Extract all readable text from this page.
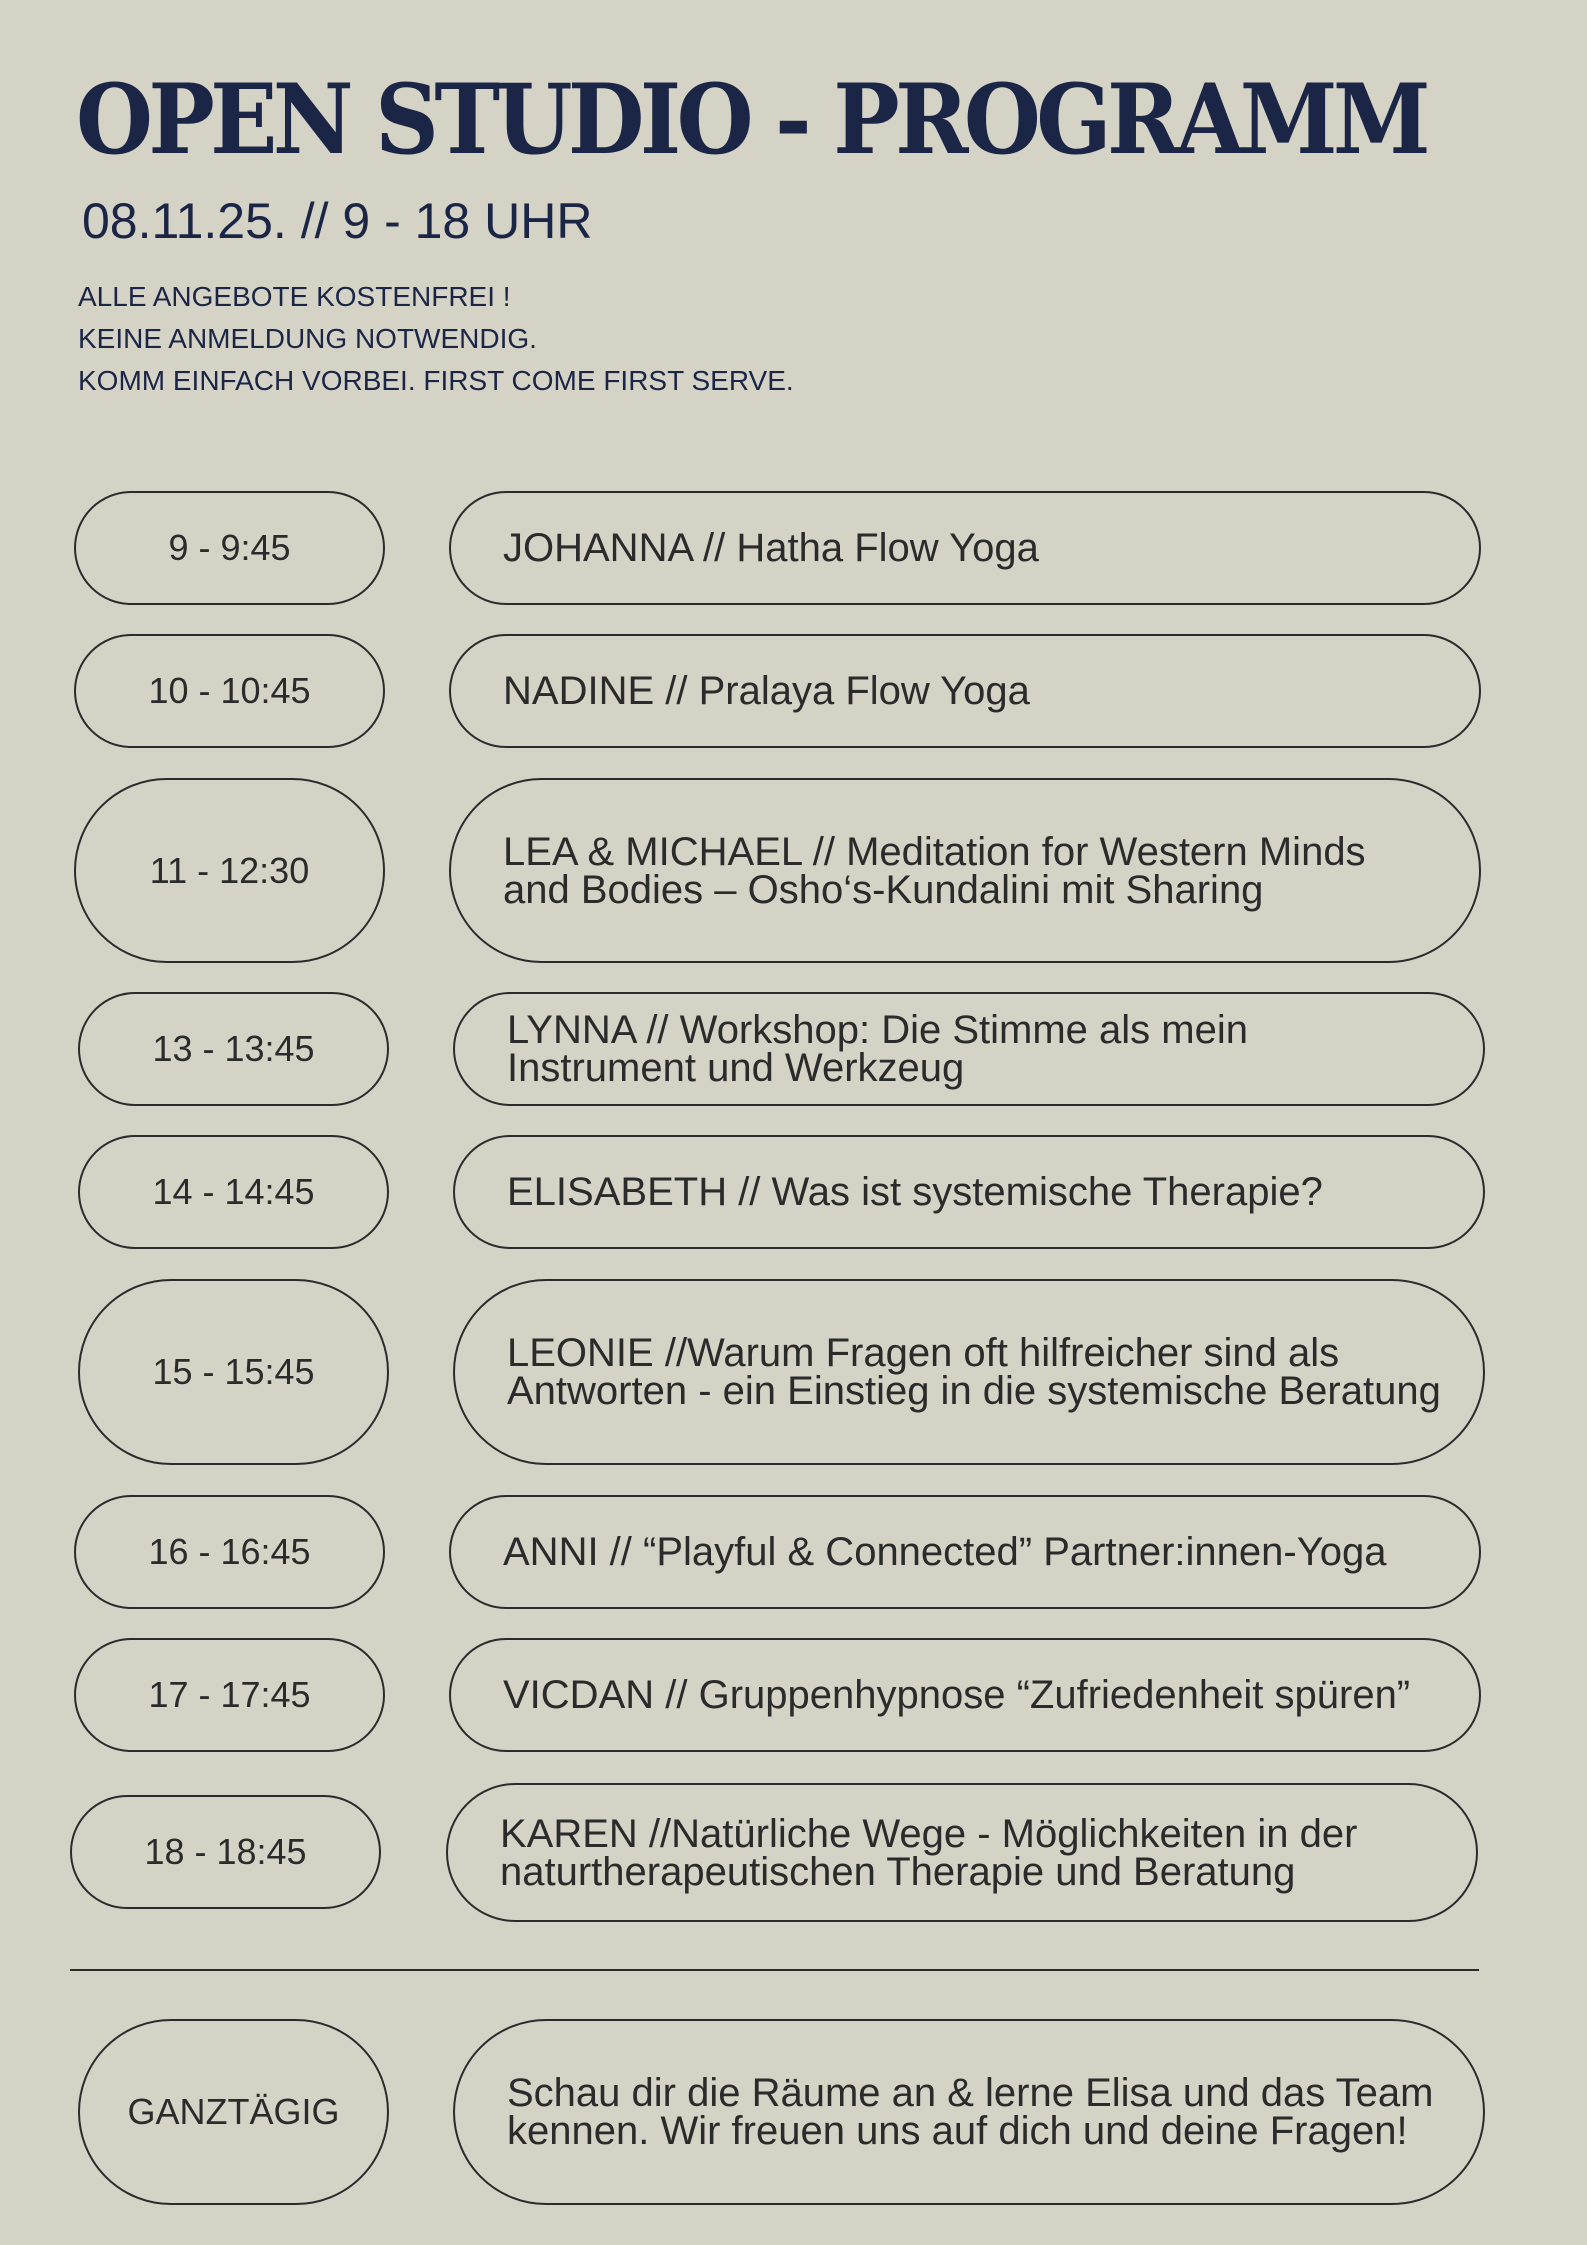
OPEN STUDIO - PROGRAMM
08.11.25. // 9 - 18 UHR
ALLE ANGEBOTE KOSTENFREI !
KEINE ANMELDUNG NOTWENDIG.
KOMM EINFACH VORBEI. FIRST COME FIRST SERVE.
9 - 9:45	JOHANNA // Hatha Flow Yoga
10 - 10:45	NADINE // Pralaya Flow Yoga
11 - 12:30	LEA & MICHAEL // Meditation for Western Minds and Bodies – Osho‘s-Kundalini mit Sharing
13 - 13:45	LYNNA // Workshop: Die Stimme als mein Instrument und Werkzeug
14 - 14:45	ELISABETH // Was ist systemische Therapie?
15 - 15:45	LEONIE //Warum Fragen oft hilfreicher sind als Antworten - ein Einstieg in die systemische Beratung
16 - 16:45	ANNI // “Playful & Connected” Partner:innen-Yoga
17 - 17:45	VICDAN // Gruppenhypnose “Zufriedenheit spüren”
18 - 18:45	KAREN //Natürliche Wege - Möglichkeiten in der naturtherapeutischen Therapie und Beratung
GANZTÄGIG	Schau dir die Räume an & lerne Elisa und das Team kennen. Wir freuen uns auf dich und deine Fragen!
